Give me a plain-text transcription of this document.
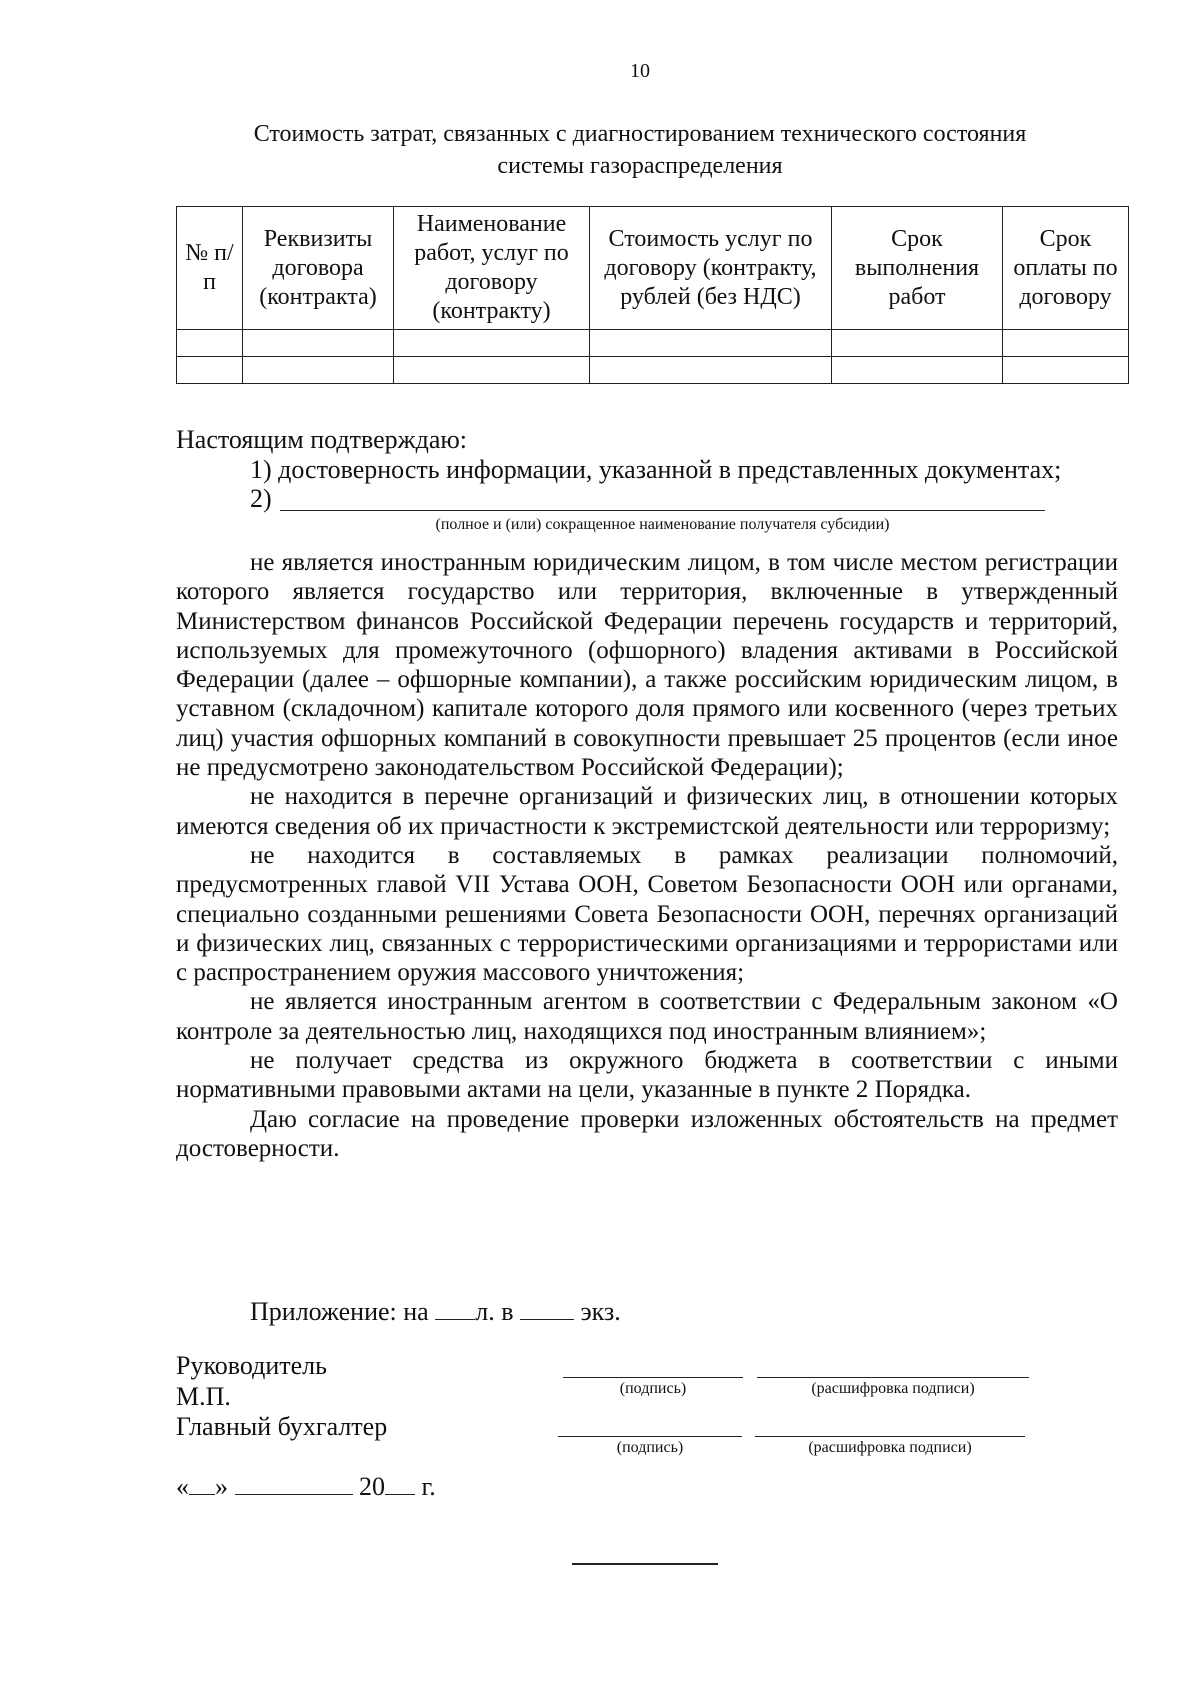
10
Стоимость затрат, связанных с диагностированием технического состояния
системы газораспределения
№ п/п	Реквизиты договора (контракта)	Наименование работ, услуг по договору (контракту)	Стоимость услуг по договору (контракту, рублей (без НДС)	Срок выполнения работ	Срок оплаты по договору

Настоящим подтверждаю:
1) достоверность информации, указанной в представленных документах;
2)
(полное и (или) сокращенное наименование получателя субсидии)

не является иностранным юридическим лицом, в том числе местом регистрации которого является государство или территория, включенные в утвержденный Министерством финансов Российской Федерации перечень государств и территорий, используемых для промежуточного (офшорного) владения активами в Российской Федерации (далее – офшорные компании), а также российским юридическим лицом, в уставном (складочном) капитале которого доля прямого или косвенного (через третьих лиц) участия офшорных компаний в совокупности превышает 25 процентов (если иное не предусмотрено законодательством Российской Федерации);

не находится в перечне организаций и физических лиц, в отношении которых имеются сведения об их причастности к экстремистской деятельности или терроризму;

не находится в составляемых в рамках реализации полномочий, предусмотренных главой VII Устава ООН, Советом Безопасности ООН или органами, специально созданными решениями Совета Безопасности ООН, перечнях организаций и физических лиц, связанных с террористическими организациями и террористами или с распространением оружия массового уничтожения;

не является иностранным агентом в соответствии с Федеральным законом «О контроле за деятельностью лиц, находящихся под иностранным влиянием»;

не получает средства из окружного бюджета в соответствии с иными нормативными правовыми актами на цели, указанные в пункте 2 Порядка.

Даю согласие на проведение проверки изложенных обстоятельств на предмет достоверности.

Приложение: на л. в	экз.
Руководитель
М.П.
Главный бухгалтер
(подпись)	(расшифровка подписи)
(подпись)	(расшифровка подписи)
« »	20 г.
